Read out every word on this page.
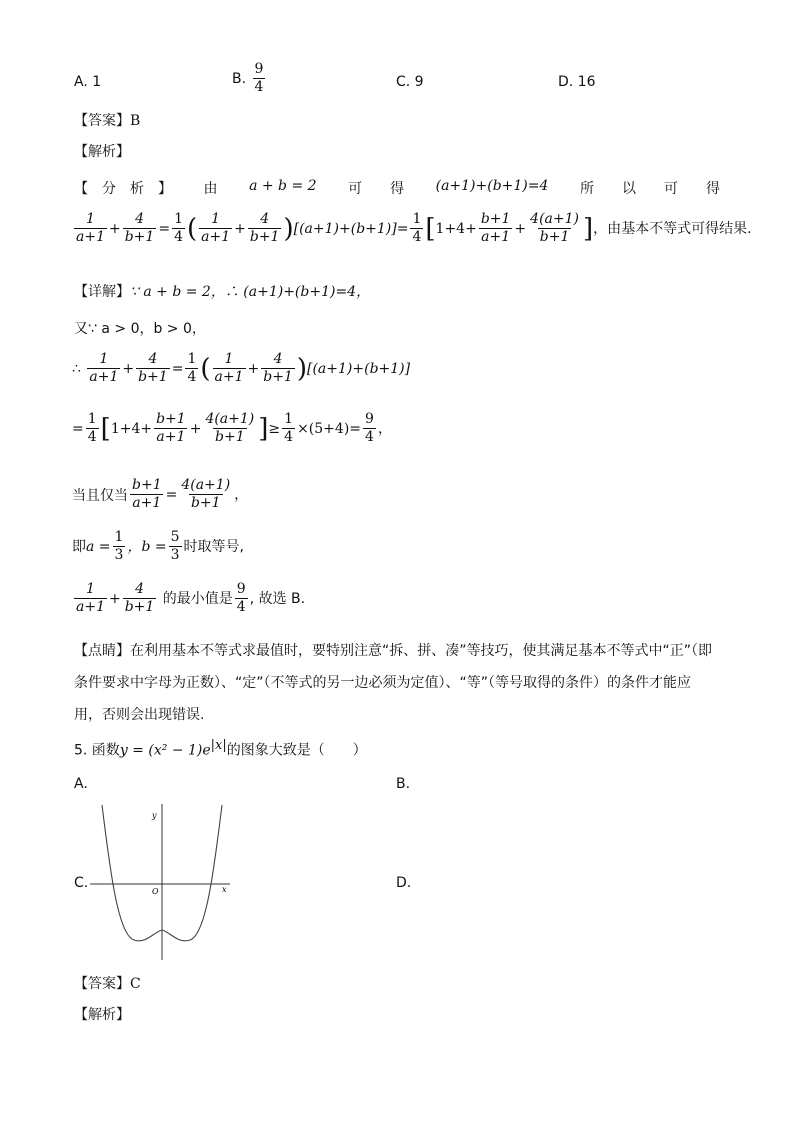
A. 1	B. $\frac{9}{4}$	C. 9	D. 16
【答案】B
【解析】
【　分　析　】 由 a + b = 2 可　　得 (a+1)+(b+1)=4 所　　以　　可　　得
$\frac{1}{a+1} + \frac{4}{b+1} = \frac{1}{4}$ ( $\frac{1}{a+1} + \frac{4}{b+1} )[(a+1)+(b+1)]= \frac{1}{4} [1+4+ \frac{b+1}{a+1} + \frac{4(a+1)}{b+1}$ ]，由基本不等式可得结果.
【详解】∵ a + b = 2，∴ (a+1)+(b+1)=4，
又∵ a > 0，b > 0，
∴ $\frac{1}{a+1} + \frac{4}{b+1} = \frac{1}{4}$ ( $\frac{1}{a+1} + \frac{4}{b+1} )[(a+1)+(b+1)]$
= $\frac{1}{4} [1+4+ \frac{b+1}{a+1} + \frac{4(a+1)}{b+1}$ ]≥ $\frac{1}{4} \times(5+4)= \frac{9}{4}$ ，
当且仅当 $\frac{b+1}{a+1} = \frac{4(a+1)}{b+1}$ ，
即$a = \frac{1}{3}$ ，$b = \frac{5}{3}$ 时取等号,
$\frac{1}{a+1} + \frac{4}{b+1}$ 的最小值是 $\frac{9}{4}$ , 故选 B.
【点睛】在利用基本不等式求最值时，要特别注意“拆、拼、凑”等技巧，使其满足基本不等式中“正”（即
条件要求中字母为正数）、“定”（不等式的另一边必须为定值）、“等”（等号取得的条件）的条件才能应
用，否则会出现错误.
5. 函数$y = (x^2 - 1)e^{|x|}$的图象大致是（　　）
A.	B.
C.	D.
y
x
O
【答案】C
【解析】
